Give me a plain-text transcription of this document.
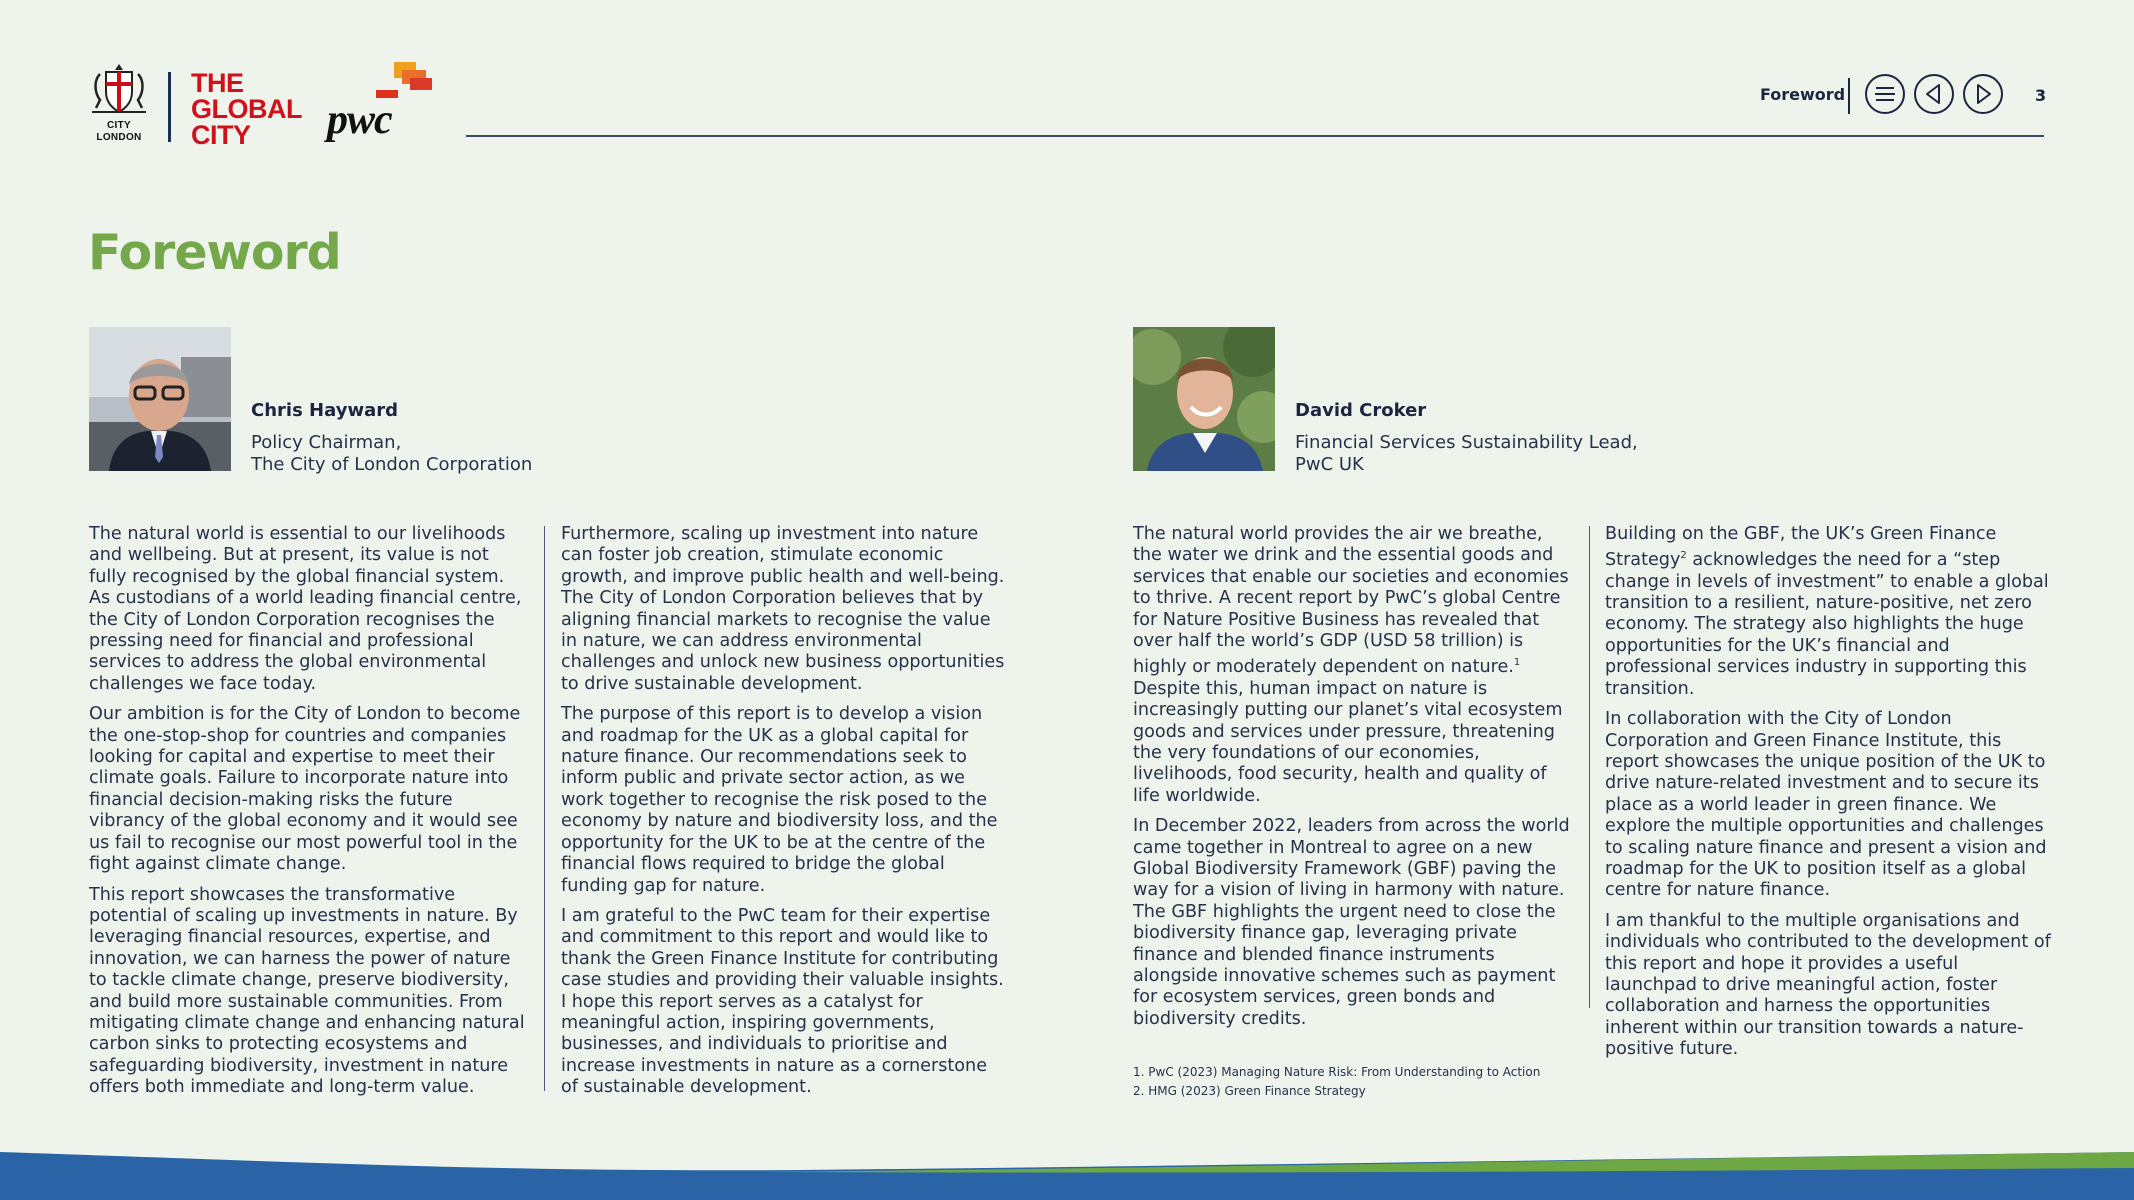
CITY
LONDON
THE
GLOBAL
CITY	pwc
Foreword	3
Foreword
Chris Hayward
Policy Chairman,
The City of London Corporation
David Croker
Financial Services Sustainability Lead,
PwC UK

The natural world is essential to our livelihoods and wellbeing. But at present, its value is not fully recognised by the global financial system. As custodians of a world leading financial centre, the City of London Corporation recognises the pressing need for financial and professional services to address the global environmental challenges we face today.

Our ambition is for the City of London to become the one-stop-shop for countries and companies looking for capital and expertise to meet their climate goals. Failure to incorporate nature into financial decision-making risks the future vibrancy of the global economy and it would see us fail to recognise our most powerful tool in the fight against climate change.

This report showcases the transformative potential of scaling up investments in nature. By leveraging financial resources, expertise, and innovation, we can harness the power of nature to tackle climate change, preserve biodiversity, and build more sustainable communities. From mitigating climate change and enhancing natural carbon sinks to protecting ecosystems and safeguarding biodiversity, investment in nature offers both immediate and long-term value.

Furthermore, scaling up investment into nature can foster job creation, stimulate economic growth, and improve public health and well-being. The City of London Corporation believes that by aligning financial markets to recognise the value in nature, we can address environmental challenges and unlock new business opportunities to drive sustainable development.

The purpose of this report is to develop a vision and roadmap for the UK as a global capital for nature finance. Our recommendations seek to inform public and private sector action, as we work together to recognise the risk posed to the economy by nature and biodiversity loss, and the opportunity for the UK to be at the centre of the financial flows required to bridge the global funding gap for nature.

I am grateful to the PwC team for their expertise and commitment to this report and would like to thank the Green Finance Institute for contributing case studies and providing their valuable insights. I hope this report serves as a catalyst for meaningful action, inspiring governments, businesses, and individuals to prioritise and increase investments in nature as a cornerstone of sustainable development.

The natural world provides the air we breathe, the water we drink and the essential goods and services that enable our societies and economies to thrive. A recent report by PwC’s global Centre for Nature Positive Business has revealed that over half the world’s GDP (USD 58 trillion) is highly or moderately dependent on nature.$^1$ Despite this, human impact on nature is increasingly putting our planet’s vital ecosystem goods and services under pressure, threatening the very foundations of our economies, livelihoods, food security, health and quality of life worldwide.

In December 2022, leaders from across the world came together in Montreal to agree on a new Global Biodiversity Framework (GBF) paving the way for a vision of living in harmony with nature. The GBF highlights the urgent need to close the biodiversity finance gap, leveraging private finance and blended finance instruments alongside innovative schemes such as payment for ecosystem services, green bonds and biodiversity credits.

Building on the GBF, the UK’s Green Finance Strategy$^2$ acknowledges the need for a “step change in levels of investment” to enable a global transition to a resilient, nature-positive, net zero economy. The strategy also highlights the huge opportunities for the UK’s financial and professional services industry in supporting this transition.

In collaboration with the City of London Corporation and Green Finance Institute, this report showcases the unique position of the UK to drive nature-related investment and to secure its place as a world leader in green finance. We explore the multiple opportunities and challenges to scaling nature finance and present a vision and roadmap for the UK to position itself as a global centre for nature finance.

I am thankful to the multiple organisations and individuals who contributed to the development of this report and hope it provides a useful launchpad to drive meaningful action, foster collaboration and harness the opportunities inherent within our transition towards a nature-positive future.

1. PwC (2023) Managing Nature Risk: From Understanding to Action
2. HMG (2023) Green Finance Strategy
